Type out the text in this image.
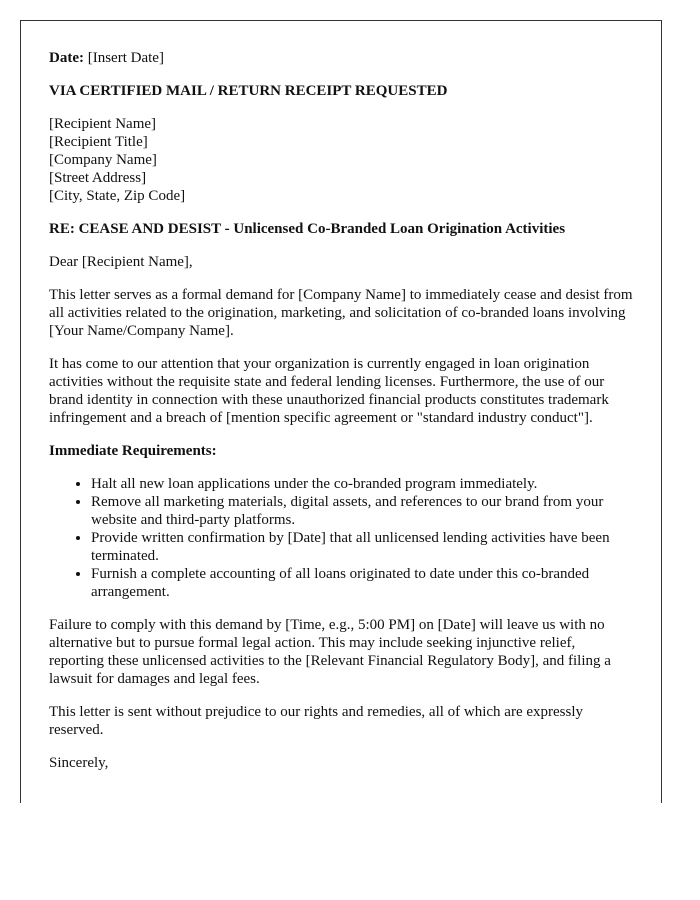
Date: [Insert Date]

VIA CERTIFIED MAIL / RETURN RECEIPT REQUESTED

[Recipient Name]
[Recipient Title]
[Company Name]
[Street Address]
[City, State, Zip Code]

RE: CEASE AND DESIST - Unlicensed Co-Branded Loan Origination Activities

Dear [Recipient Name],

This letter serves as a formal demand for [Company Name] to immediately cease and desist from all activities related to the origination, marketing, and solicitation of co-branded loans involving [Your Name/Company Name].

It has come to our attention that your organization is currently engaged in loan origination activities without the requisite state and federal lending licenses. Furthermore, the use of our brand identity in connection with these unauthorized financial products constitutes trademark infringement and a breach of [mention specific agreement or "standard industry conduct"].

Immediate Requirements:

• Halt all new loan applications under the co-branded program immediately.
• Remove all marketing materials, digital assets, and references to our brand from your website and third-party platforms.
• Provide written confirmation by [Date] that all unlicensed lending activities have been terminated.
• Furnish a complete accounting of all loans originated to date under this co-branded arrangement.

Failure to comply with this demand by [Time, e.g., 5:00 PM] on [Date] will leave us with no alternative but to pursue formal legal action. This may include seeking injunctive relief, reporting these unlicensed activities to the [Relevant Financial Regulatory Body], and filing a lawsuit for damages and legal fees.

This letter is sent without prejudice to our rights and remedies, all of which are expressly reserved.

Sincerely,
